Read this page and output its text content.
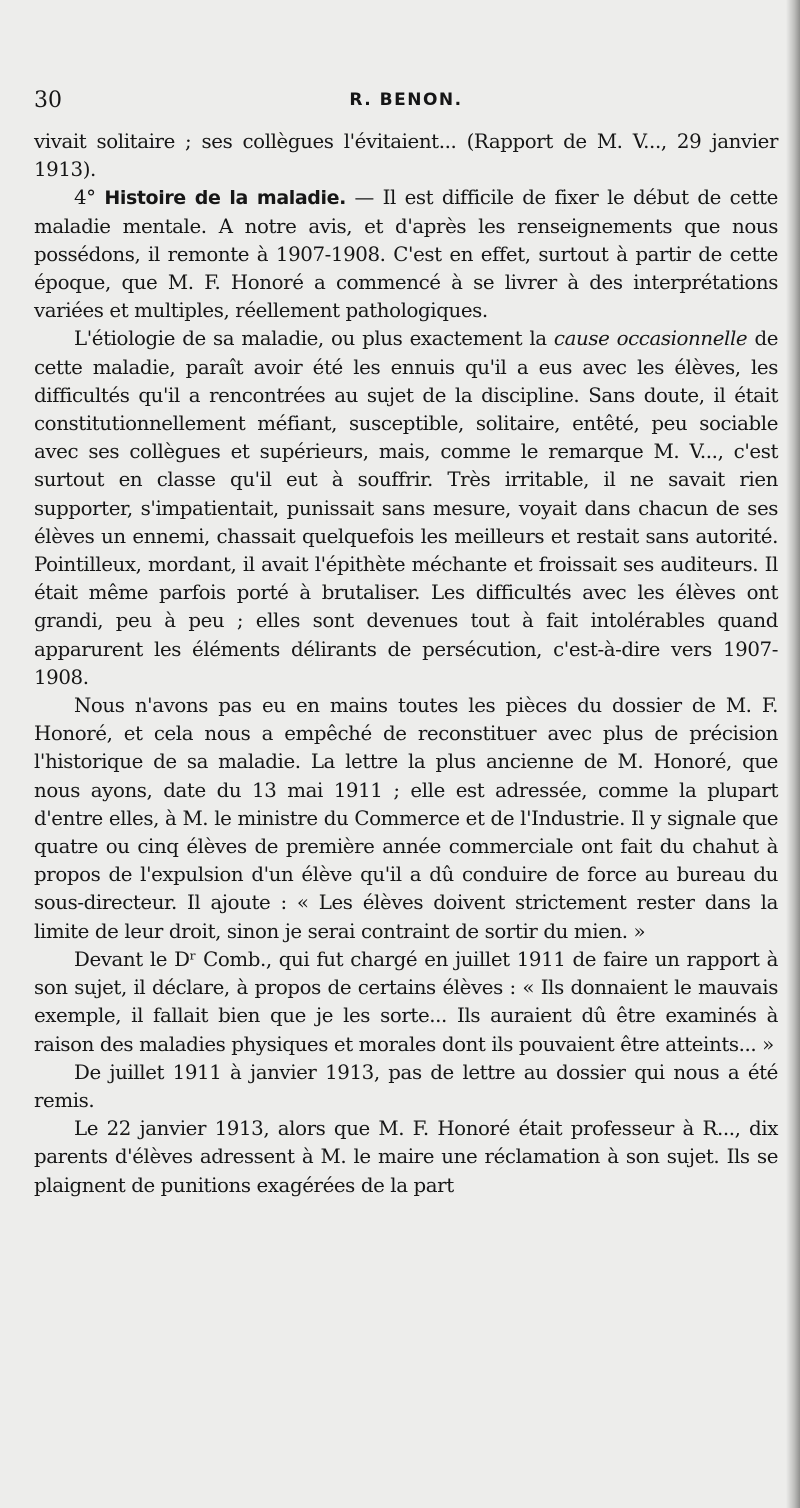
30	R. BENON.

vivait solitaire ; ses collègues l'évitaient... (Rapport de M. V..., 29 janvier 1913).

4° Histoire de la maladie. — Il est difficile de fixer le début de cette maladie mentale. A notre avis, et d'après les renseignements que nous possédons, il remonte à 1907-1908. C'est en effet, surtout à partir de cette époque, que M. F. Honoré a commencé à se livrer à des interprétations variées et multiples, réellement pathologiques.

L'étiologie de sa maladie, ou plus exactement la cause occasionnelle de cette maladie, paraît avoir été les ennuis qu'il a eus avec les élèves, les difficultés qu'il a rencontrées au sujet de la discipline. Sans doute, il était constitutionnellement méfiant, susceptible, solitaire, entêté, peu sociable avec ses collègues et supérieurs, mais, comme le remarque M. V..., c'est surtout en classe qu'il eut à souffrir. Très irritable, il ne savait rien supporter, s'impatientait, punissait sans mesure, voyait dans chacun de ses élèves un ennemi, chassait quelquefois les meilleurs et restait sans autorité. Pointilleux, mordant, il avait l'épithète méchante et froissait ses auditeurs. Il était même parfois porté à brutaliser. Les difficultés avec les élèves ont grandi, peu à peu ; elles sont devenues tout à fait intolérables quand apparurent les éléments délirants de persécution, c'est-à-dire vers 1907-1908.

Nous n'avons pas eu en mains toutes les pièces du dossier de M. F. Honoré, et cela nous a empêché de reconstituer avec plus de précision l'historique de sa maladie. La lettre la plus ancienne de M. Honoré, que nous ayons, date du 13 mai 1911 ; elle est adressée, comme la plupart d'entre elles, à M. le ministre du Commerce et de l'Industrie. Il y signale que quatre ou cinq élèves de première année commerciale ont fait du chahut à propos de l'expulsion d'un élève qu'il a dû conduire de force au bureau du sous-directeur. Il ajoute : « Les élèves doivent strictement rester dans la limite de leur droit, sinon je serai contraint de sortir du mien. »

Devant le Dʳ Comb., qui fut chargé en juillet 1911 de faire un rapport à son sujet, il déclare, à propos de certains élèves : « Ils donnaient le mauvais exemple, il fallait bien que je les sorte... Ils auraient dû être examinés à raison des maladies physiques et morales dont ils pouvaient être atteints... »

De juillet 1911 à janvier 1913, pas de lettre au dossier qui nous a été remis.

Le 22 janvier 1913, alors que M. F. Honoré était professeur à R..., dix parents d'élèves adressent à M. le maire une réclamation à son sujet. Ils se plaignent de punitions exagérées de la part
